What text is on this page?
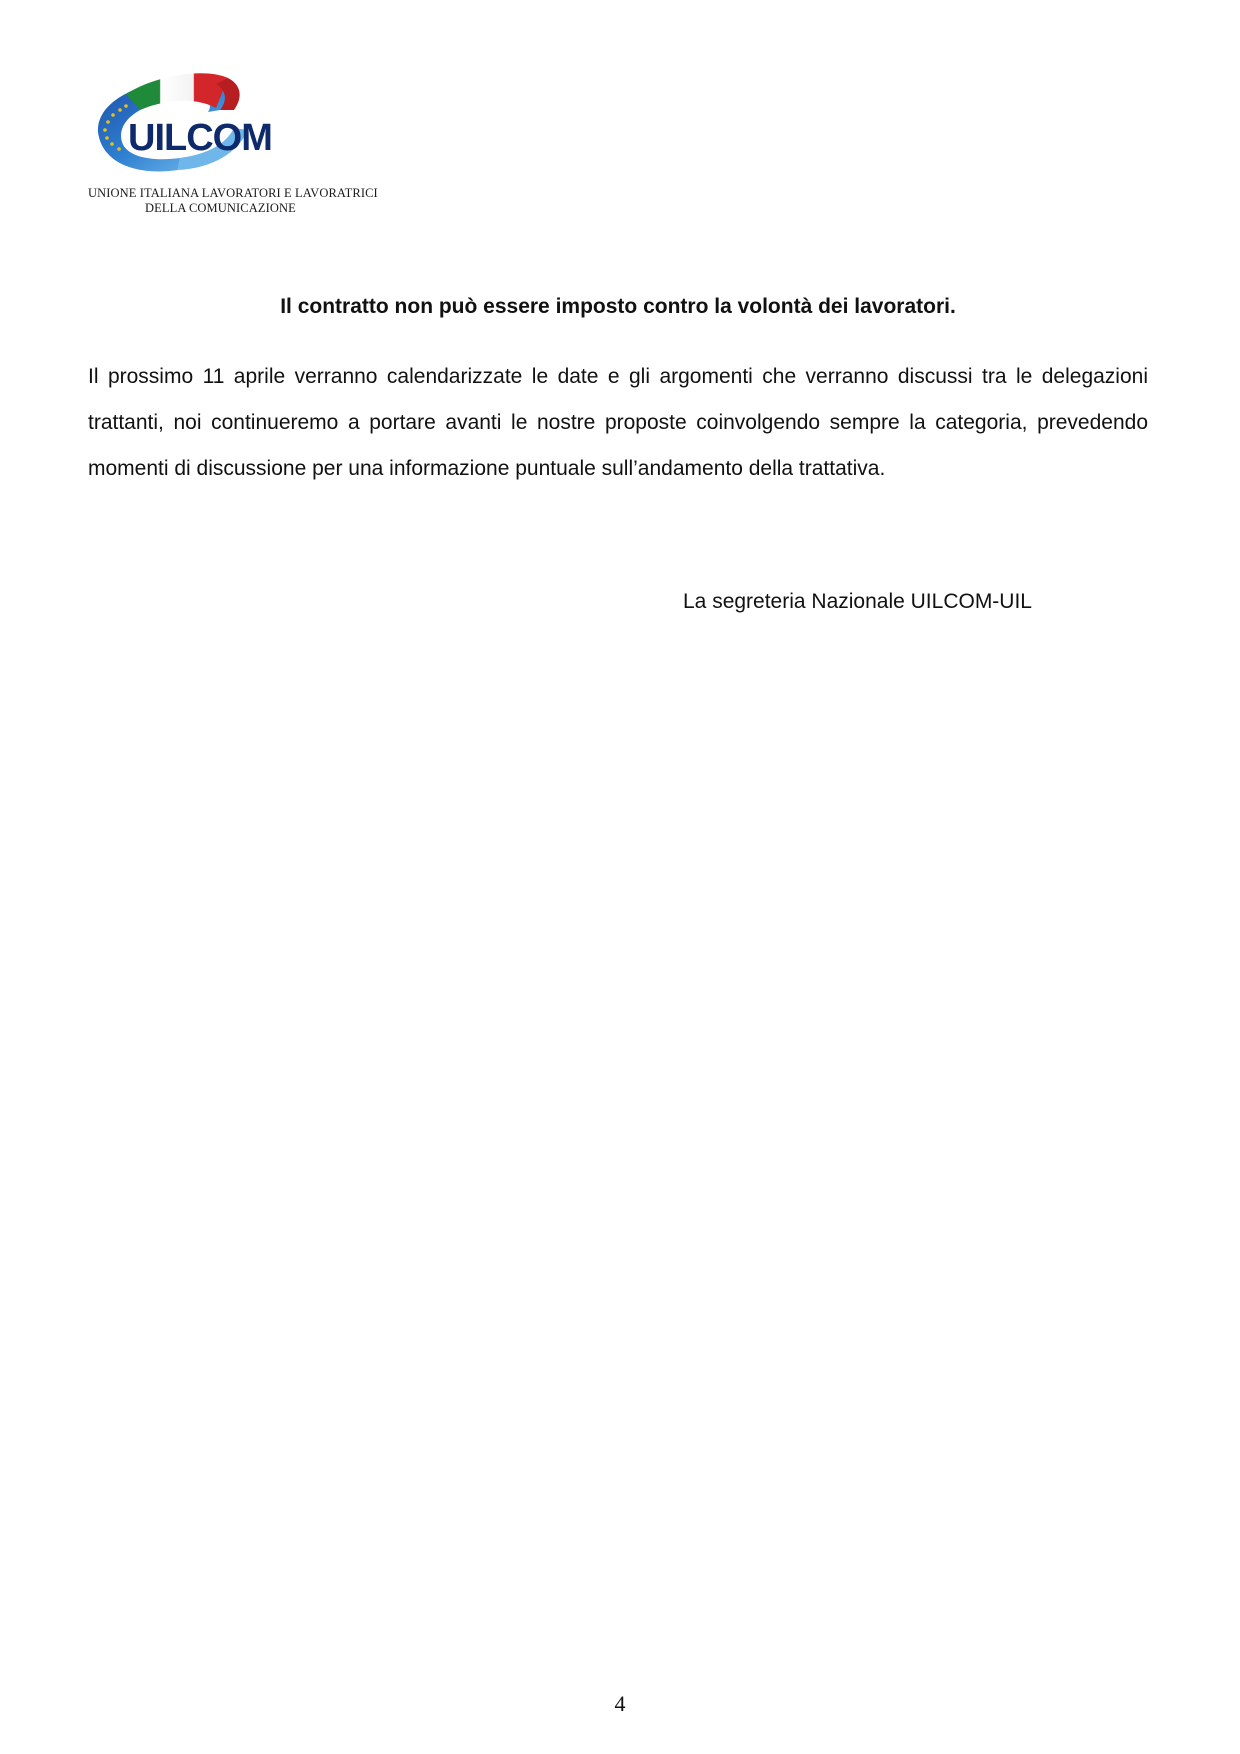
UILCOM
UNIONE ITALIANA LAVORATORI E LAVORATRICI
DELLA COMUNICAZIONE
Il contratto non può essere imposto contro la volontà dei lavoratori.
Il prossimo 11 aprile verranno calendarizzate le date e gli argomenti che verranno discussi tra le delegazioni trattanti, noi continueremo a portare avanti le nostre proposte coinvolgendo sempre la categoria, prevedendo momenti di discussione per una informazione puntuale sull’andamento della trattativa.
La segreteria Nazionale UILCOM-UIL
4
